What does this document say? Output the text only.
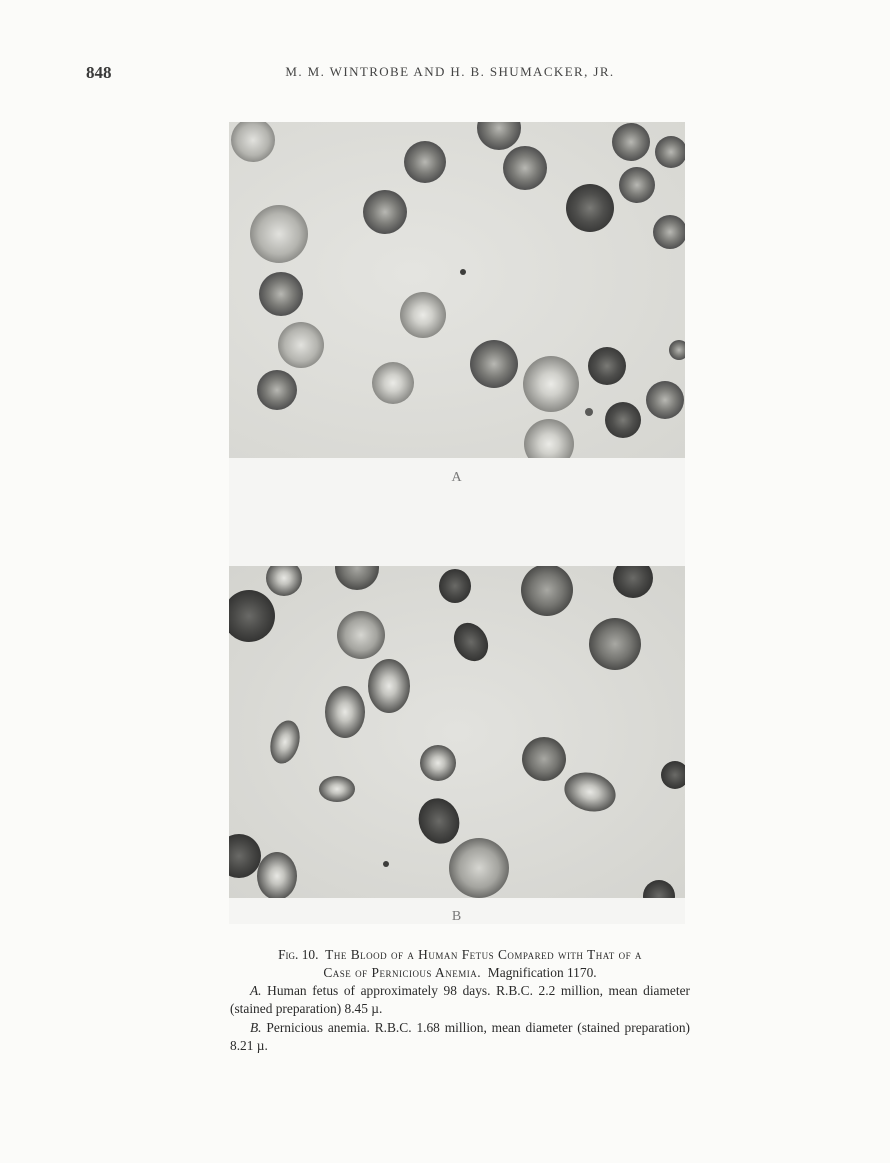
848	M. M. WINTROBE AND H. B. SHUMACKER, JR.
A
B
Fig. 10. The Blood of a Human Fetus Compared with That of a
Case of Pernicious Anemia. Magnification 1170.

A. Human fetus of approximately 98 days. R.B.C. 2.2 million, mean diameter (stained preparation) 8.45 µ.

B. Pernicious anemia. R.B.C. 1.68 million, mean diameter (stained preparation) 8.21 µ.
